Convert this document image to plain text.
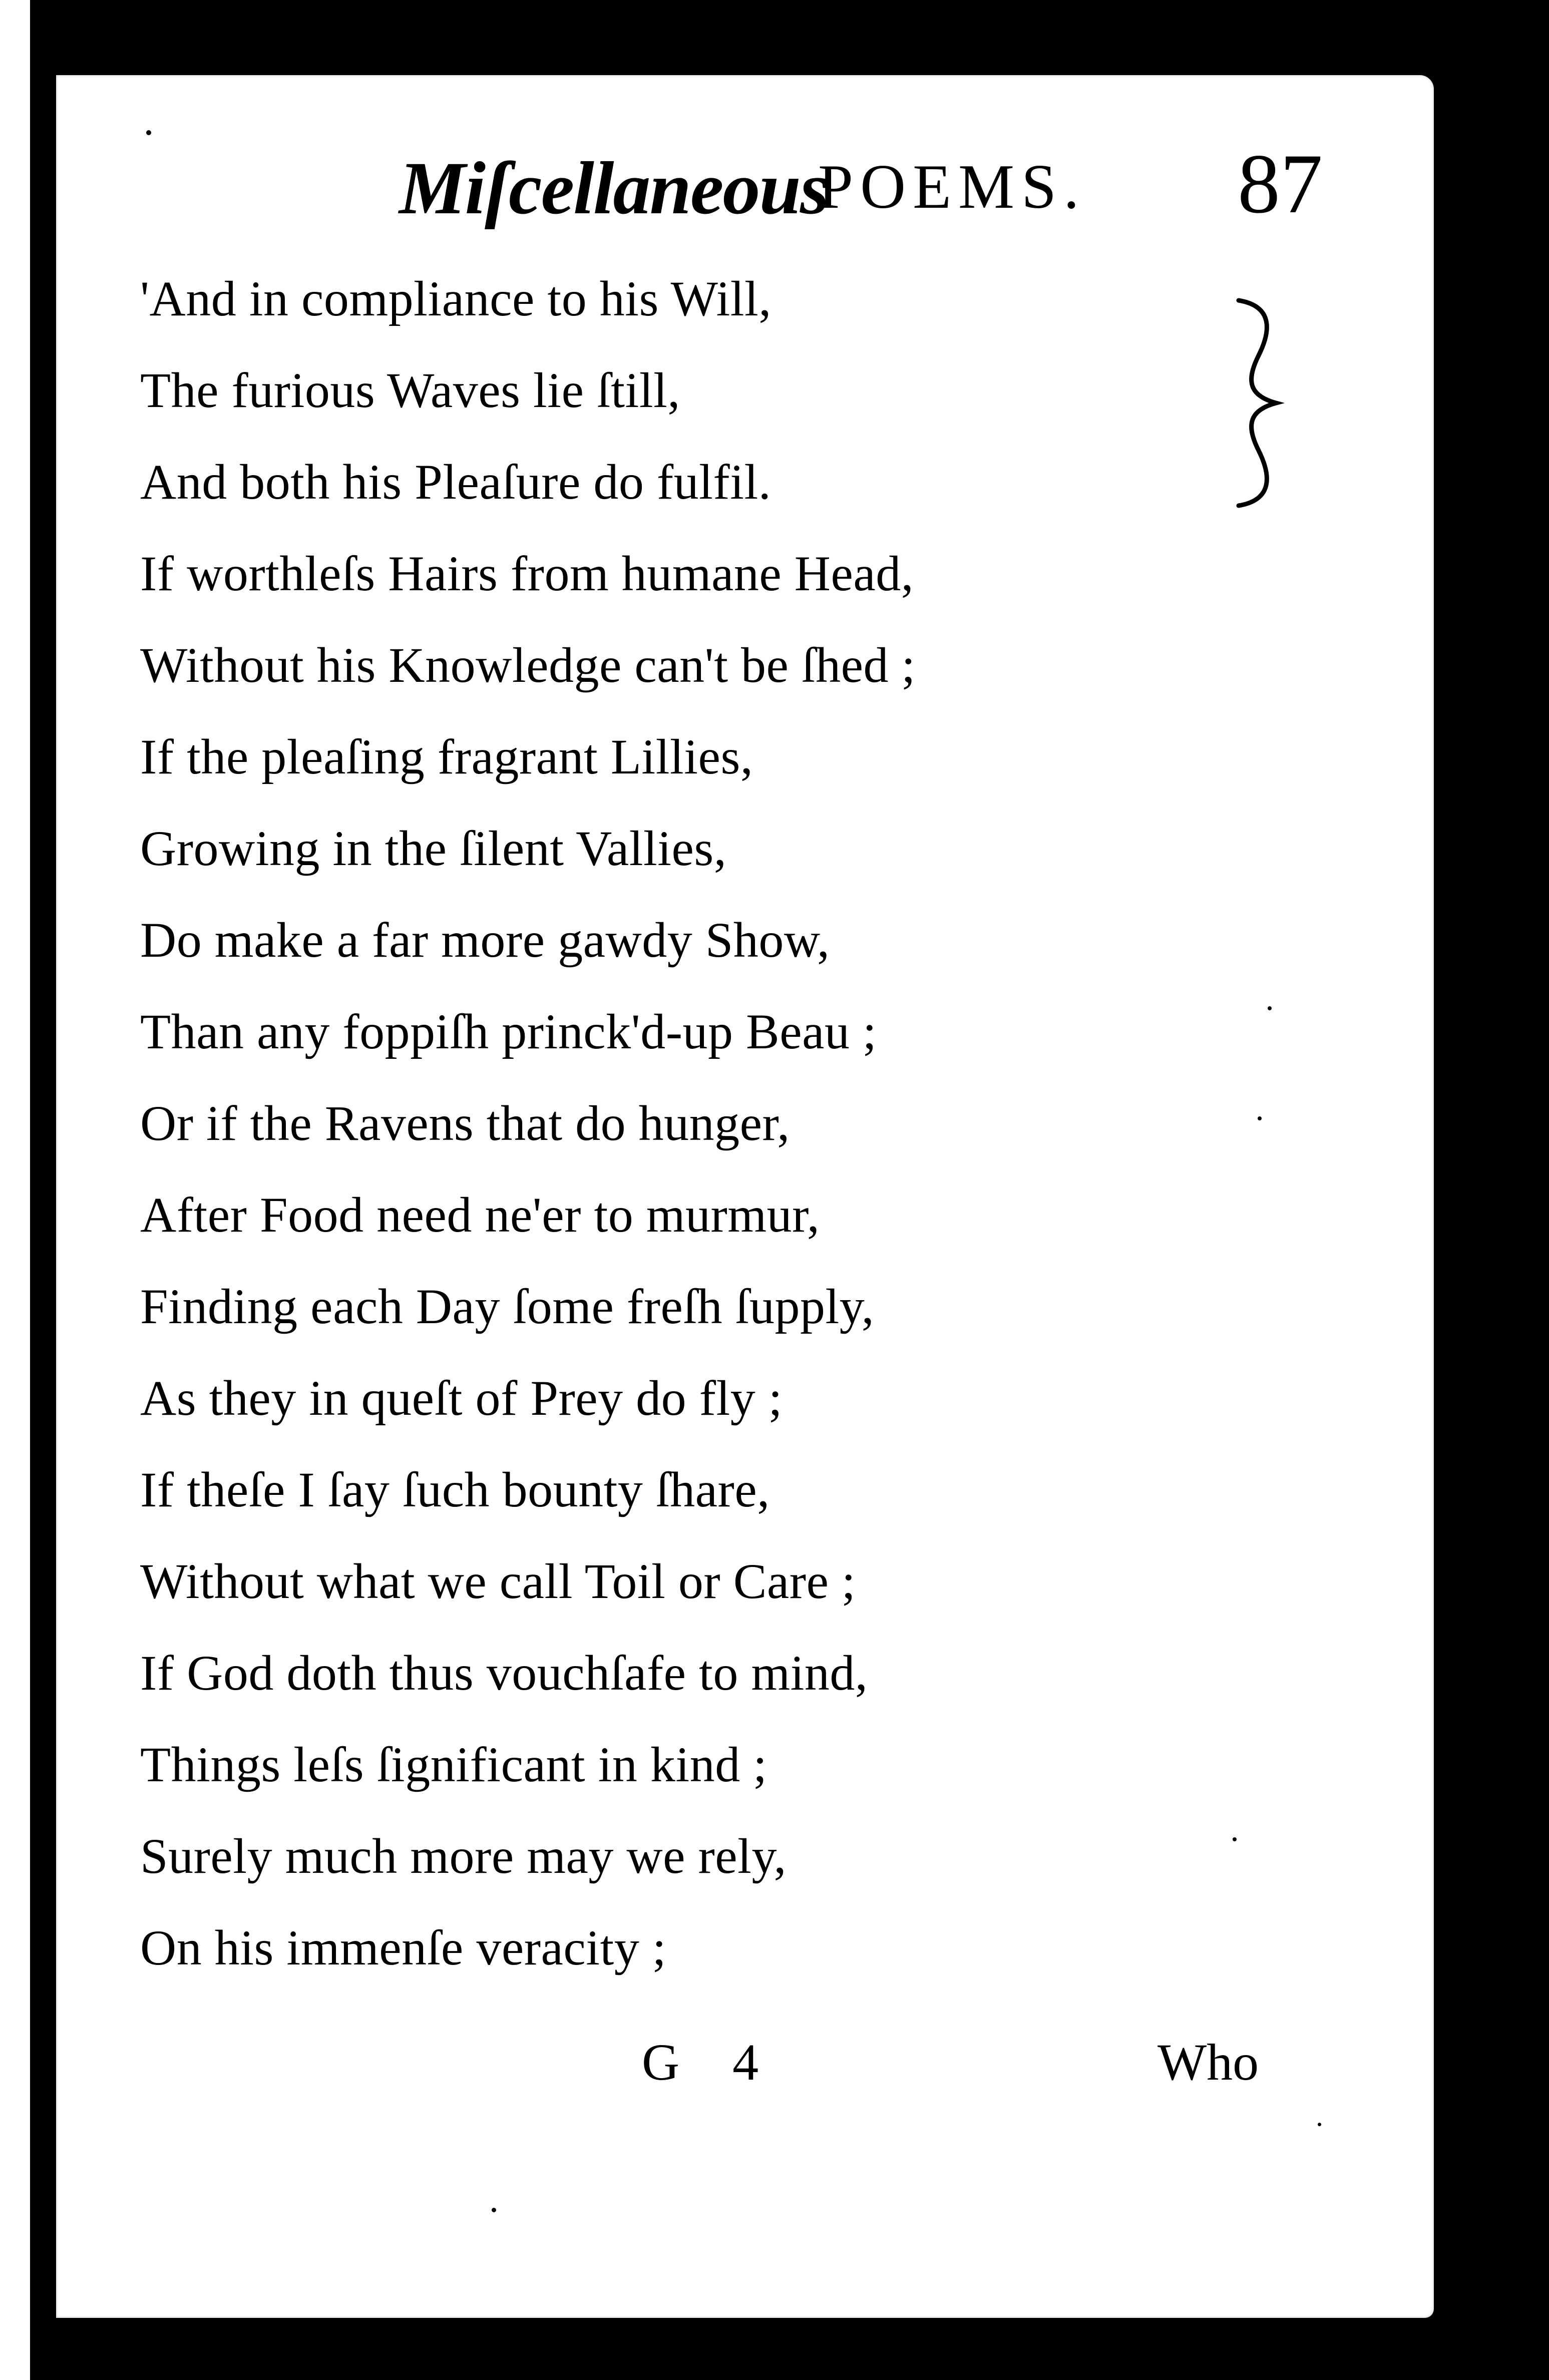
Miſcellaneous
POEMS. 87
'And in compliance to his Will,
The furious Waves lie ſtill,
And both his Pleaſure do fulfil.
If worthleſs Hairs from humane Head,
Without his Knowledge can't be ſhed ;
If the pleaſing fragrant Lillies,
Growing in the ſilent Vallies,
Do make a far more gawdy Show,
Than any foppiſh princk'd-up Beau ;
Or if the Ravens that do hunger,
After Food need ne'er to murmur,
Finding each Day ſome freſh ſupply,
As they in queſt of Prey do fly ;
If theſe I ſay ſuch bounty ſhare,
Without what we call Toil or Care ;
If God doth thus vouchſafe to mind,
Things leſs ſignificant in kind ;
Surely much more may we rely,
On his immenſe veracity ;
G 4	Who
